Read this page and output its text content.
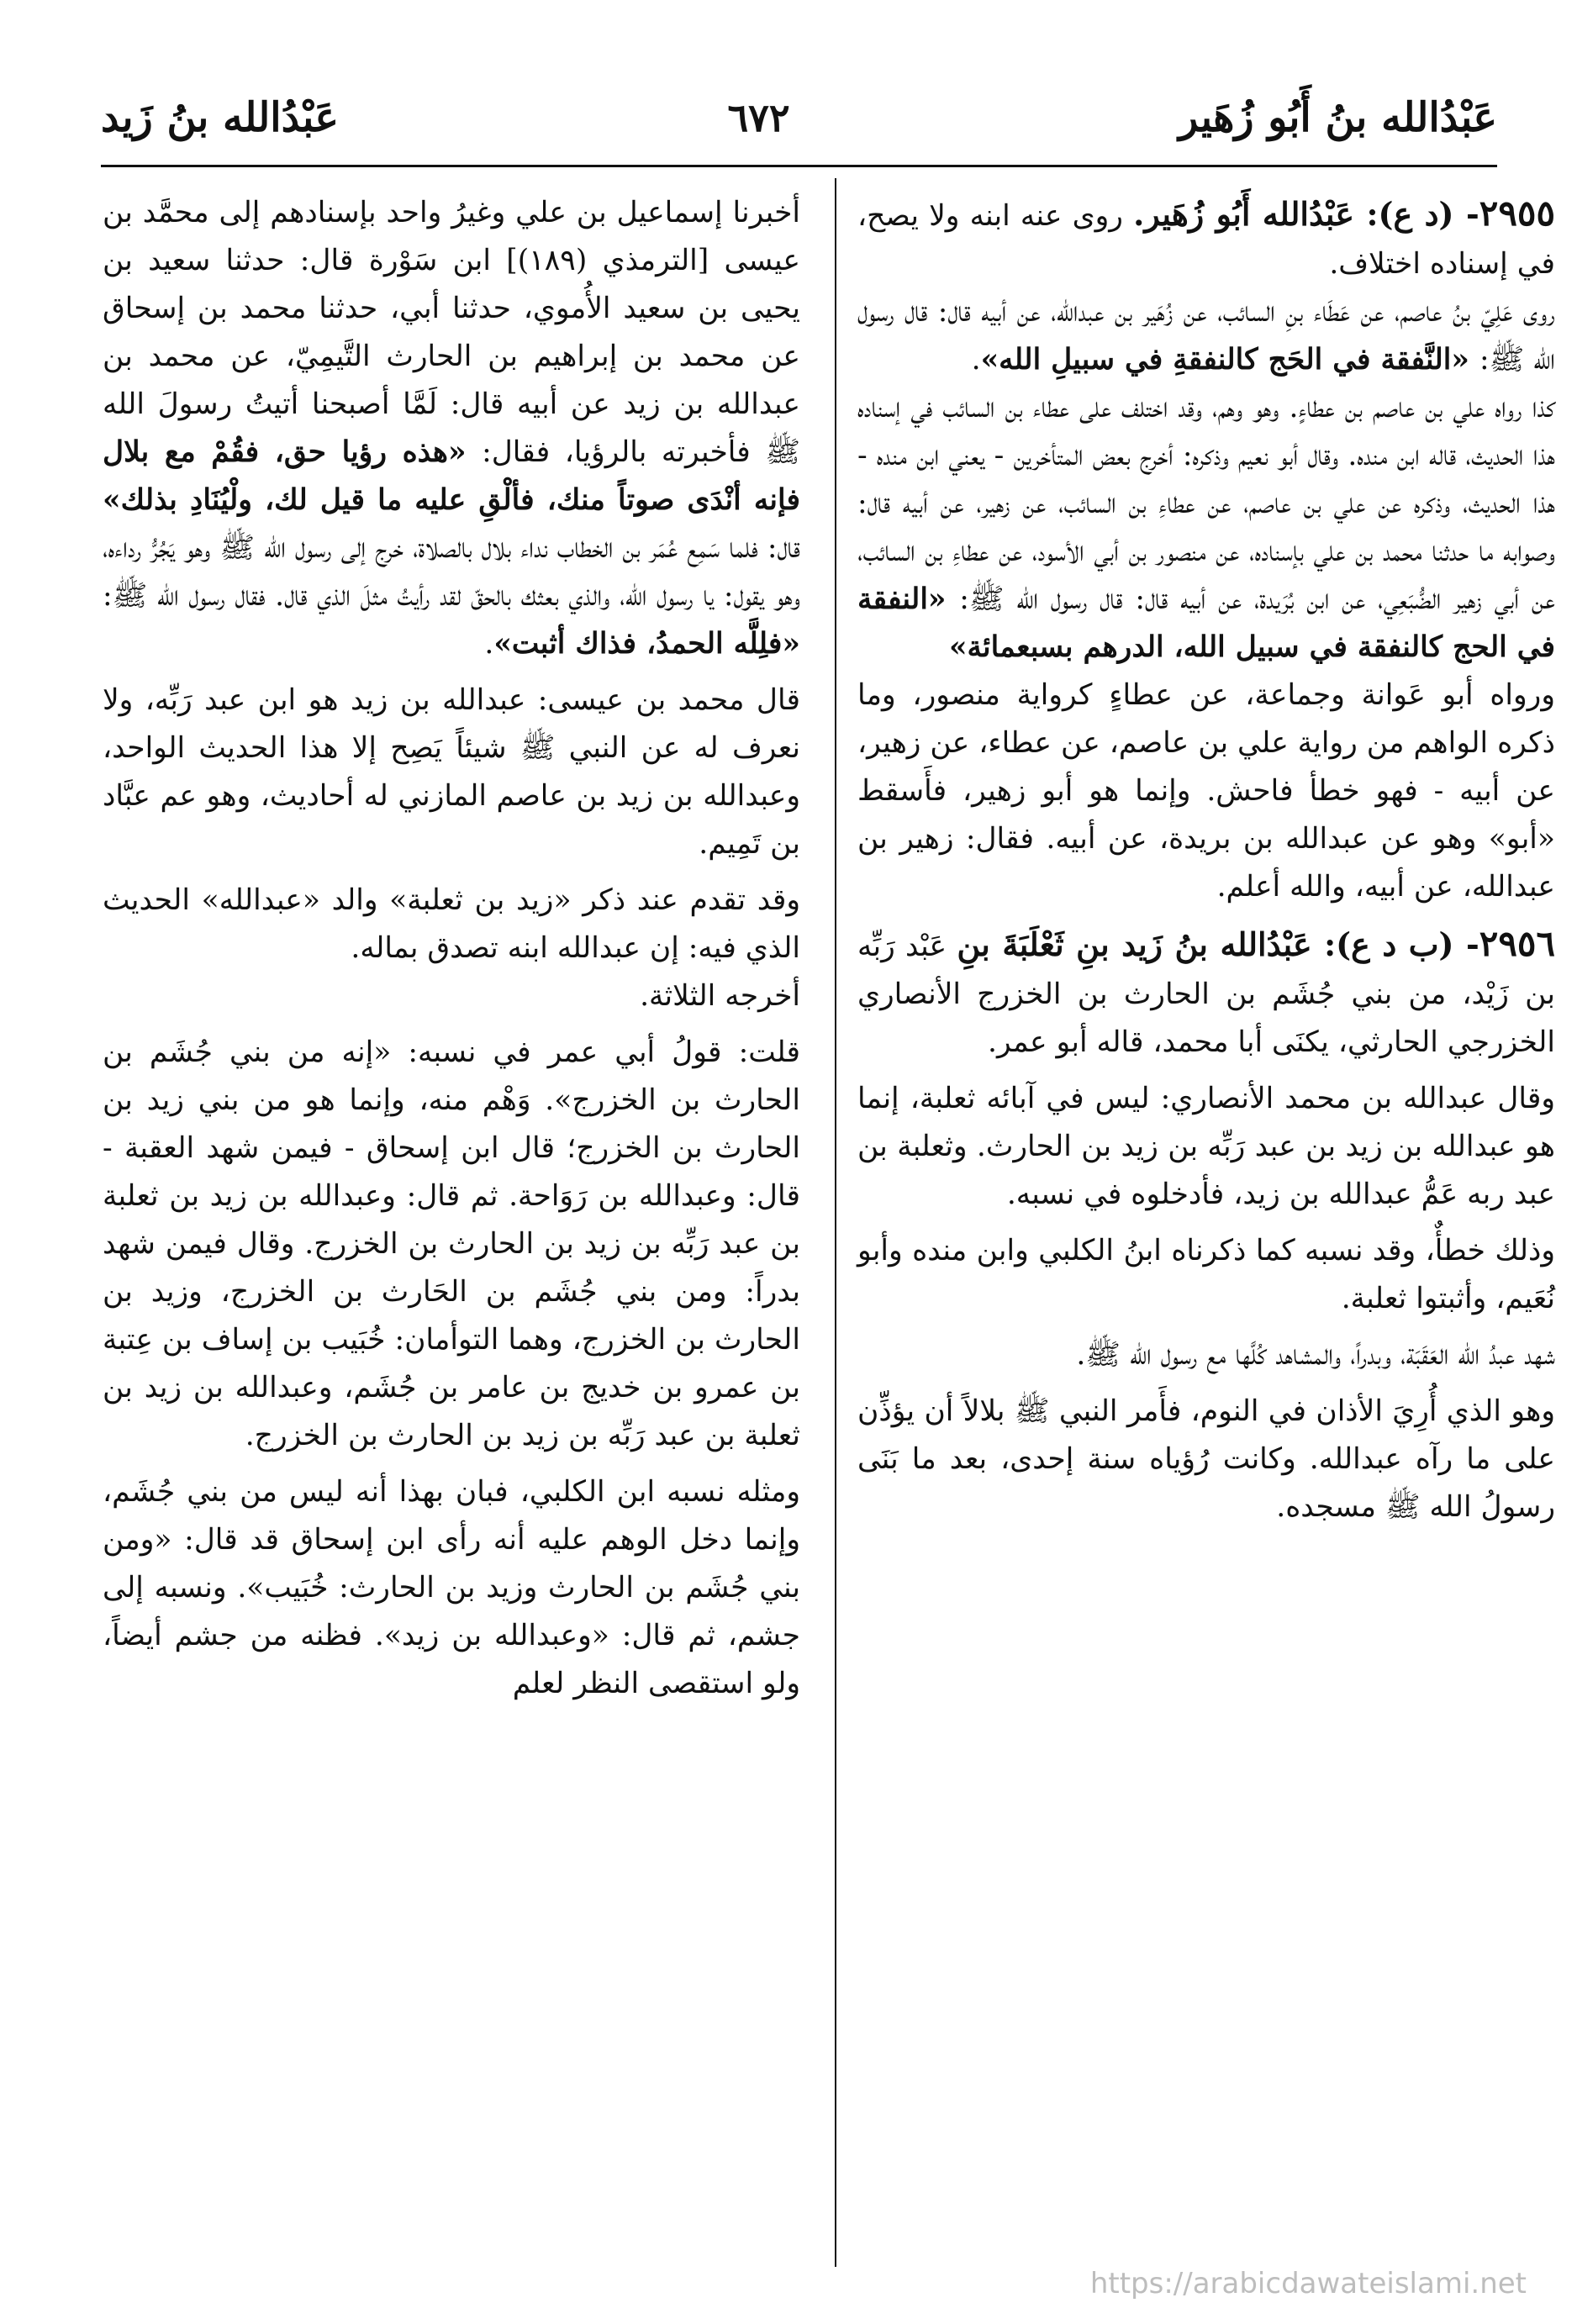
عَبْدُالله بنُ زَيد	٦٧٢	عَبْدُالله بنُ أَبُو زُهَير

٢٩٥٥- (د ع): عَبْدُالله أَبُو زُهَير. روى عنه ابنه ولا يصح، في إسناده اختلاف.

روى عَلِيّ بنُ عاصم، عن عَطَاء بنِ السائب، عن زُهَير بن عبدالله، عن أبيه قال: قال رسول الله ﷺ: «النَّفقة في الحَج كالنفقةِ في سبيلِ الله».

كذا رواه علي بن عاصم بن عطاءٍ. وهو وهم، وقد اختلف على عطاء بن السائب في إسناده هذا الحديث، قاله ابن منده. وقال أبو نعيم وذكره: أخرج بعض المتأخرين - يعني ابن منده - هذا الحديث، وذكره عن علي بن عاصم، عن عطاءِ بن السائب، عن زهير، عن أبيه قال: وصوابه ما حدثنا محمد بن علي بإسناده، عن منصور بن أبي الأسود، عن عطاءِ بن السائب، عن أبي زهير الضُّبَعِي، عن ابن بُرَيدة، عن أبيه قال: قال رسول الله ﷺ: «النفقة في الحج كالنفقة في سبيل الله، الدرهم بسبعمائة»

ورواه أبو عَوانة وجماعة، عن عطاءٍ كرواية منصور، وما ذكره الواهم من رواية علي بن عاصم، عن عطاء، عن زهير، عن أبيه - فهو خطأ فاحش. وإنما هو أبو زهير، فأَسقط «أبو» وهو عن عبدالله بن بريدة، عن أبيه. فقال: زهير بن عبدالله، عن أبيه، والله أعلم.

٢٩٥٦- (ب د ع): عَبْدُالله بنُ زَيد بنِ ثَعْلَبَةَ بنِ عَبْد رَبِّه بن زَيْد، من بني جُشَم بن الحارث بن الخزرج الأنصاري الخزرجي الحارثي، يكنَى أبا محمد، قاله أبو عمر.

وقال عبدالله بن محمد الأنصاري: ليس في آبائه ثعلبة، إنما هو عبدالله بن زيد بن عبد رَبِّه بن زيد بن الحارث. وثعلبة بن عبد ربه عَمُّ عبدالله بن زيد، فأدخلوه في نسبه.

وذلك خطأٌ، وقد نسبه كما ذكرناه ابنُ الكلبي وابن منده وأبو نُعَيم، وأثبتوا ثعلبة.

شهد عبدُ الله العَقَبَة، وبدراً، والمشاهد كُلَّها مع رسول الله ﷺ.

وهو الذي أُرِيَ الأذان في النوم، فأَمر النبي ﷺ بلالاً أن يؤذِّن على ما رآه عبدالله. وكانت رُؤياه سنة إحدى، بعد ما بَنَى رسولُ الله ﷺ مسجده.

أخبرنا إسماعيل بن علي وغيرُ واحد بإسنادهم إلى محمَّد بن عيسى [الترمذي (١٨٩)] ابن سَوْرة قال: حدثنا سعيد بن يحيى بن سعيد الأُموي، حدثنا أبي، حدثنا محمد بن إسحاق عن محمد بن إبراهيم بن الحارث التَّيمِيّ، عن محمد بن عبدالله بن زيد عن أبيه قال: لَمَّا أصبحنا أتيتُ رسولَ الله ﷺ فأخبرته بالرؤيا، فقال: «هذه رؤيا حق، فقُمْ مع بلال فإنه أنْدَى صوتاً منك، فألْقِ عليه ما قيل لك، ولْيُنَادِ بذلك» قال: فلما سَمِع عُمَر بن الخطاب نداء بلال بالصلاة، خرج إلى رسول الله ﷺ وهو يَجُرُّ رداءه، وهو يقول: يا رسول الله، والذي بعثك بالحقّ لقد رأيتُ مثلَ الذي قال. فقال رسول الله ﷺ: «فلِلَّه الحمدُ، فذاك أثبت».

قال محمد بن عيسى: عبدالله بن زيد هو ابن عبد رَبِّه، ولا نعرف له عن النبي ﷺ شيئاً يَصِح إلا هذا الحديث الواحد، وعبدالله بن زيد بن عاصم المازني له أحاديث، وهو عم عبَّاد بن تَمِيم.

وقد تقدم عند ذكر «زيد بن ثعلبة» والد «عبدالله» الحديث الذي فيه: إن عبدالله ابنه تصدق بماله.

أخرجه الثلاثة.

قلت: قولُ أبي عمر في نسبه: «إنه من بني جُشَم بن الحارث بن الخزرج». وَهْم منه، وإنما هو من بني زيد بن الحارث بن الخزرج؛ قال ابن إسحاق - فيمن شهد العقبة - قال: وعبدالله بن رَوَاحة. ثم قال: وعبدالله بن زيد بن ثعلبة بن عبد رَبِّه بن زيد بن الحارث بن الخزرج. وقال فيمن شهد بدراً: ومن بني جُشَم بن الحَارث بن الخزرج، وزيد بن الحارث بن الخزرج، وهما التوأمان: خُبَيب بن إساف بن عِتبة بن عمرو بن خديج بن عامر بن جُشَم، وعبدالله بن زيد بن ثعلبة بن عبد رَبِّه بن زيد بن الحارث بن الخزرج.

ومثله نسبه ابن الكلبي، فبان بهذا أنه ليس من بني جُشَم، وإنما دخل الوهم عليه أنه رأى ابن إسحاق قد قال: «ومن بني جُشَم بن الحارث وزيد بن الحارث: خُبَيب». ونسبه إلى جشم، ثم قال: «وعبدالله بن زيد». فظنه من جشم أيضاً، ولو استقصى النظر لعلم

https://arabicdawateislami.net
